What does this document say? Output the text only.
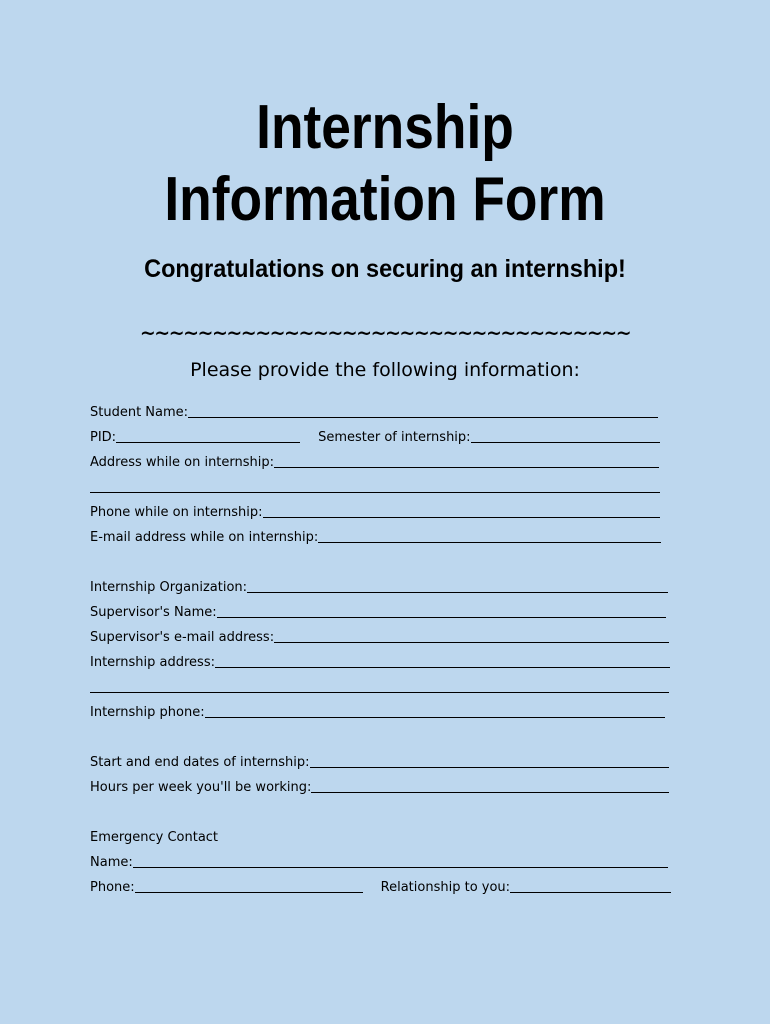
Internship
Information Form
Congratulations on securing an internship!
~~~~~~~~~~~~~~~~~~~~~~~~~~~~~~~~~~
Please provide the following information:
Student Name:
PID:	Semester of internship:
Address while on internship:
Phone while on internship:
E-mail address while on internship:
Internship Organization:
Supervisor's Name:
Supervisor's e-mail address:
Internship address:
Internship phone:
Start and end dates of internship:
Hours per week you'll be working:
Emergency Contact
Name:
Phone:	Relationship to you:
